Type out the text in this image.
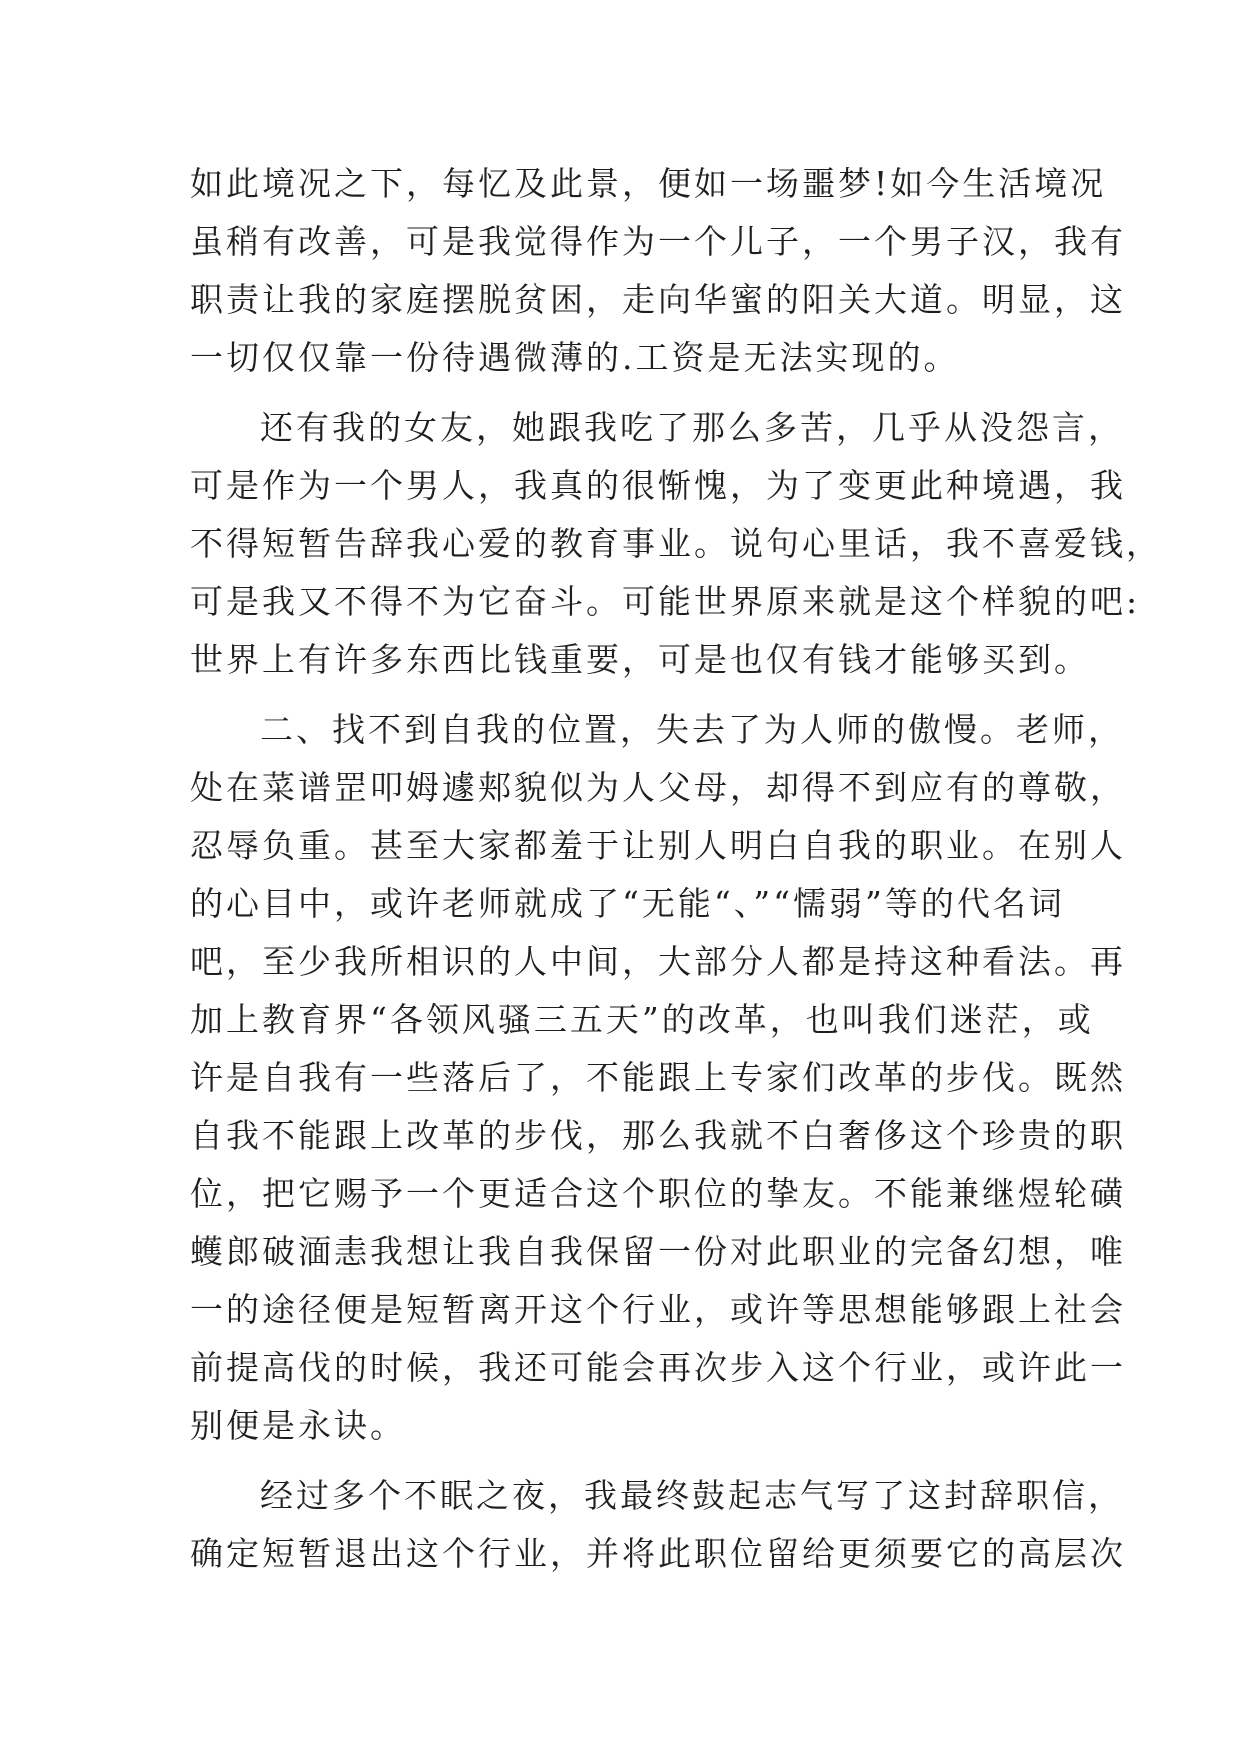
如此境况之下，每忆及此景，便如一场噩梦!如今生活境况
虽稍有改善，可是我觉得作为一个儿子，一个男子汉，我有
职责让我的家庭摆脱贫困，走向华蜜的阳关大道。明显，这
一切仅仅靠一份待遇微薄的.工资是无法实现的。
还有我的女友，她跟我吃了那么多苦，几乎从没怨言，
可是作为一个男人，我真的很惭愧，为了变更此种境遇，我
不得短暂告辞我心爱的教育事业。说句心里话，我不喜爱钱，
可是我又不得不为它奋斗。可能世界原来就是这个样貌的吧:
世界上有许多东西比钱重要，可是也仅有钱才能够买到。
二、找不到自我的位置，失去了为人师的傲慢。老师，
处在菜谱罡叩姆遽郏貌似为人父母，却得不到应有的尊敬，
忍辱负重。甚至大家都羞于让别人明白自我的职业。在别人
的心目中，或许老师就成了“无能“、”“懦弱”等的代名词
吧，至少我所相识的人中间，大部分人都是持这种看法。再
加上教育界“各领风骚三五天”的改革，也叫我们迷茫，或
许是自我有一些落后了，不能跟上专家们改革的步伐。既然
自我不能跟上改革的步伐，那么我就不白奢侈这个珍贵的职
位，把它赐予一个更适合这个职位的挚友。不能兼继煜轮磺
蠖郎破湎恚我想让我自我保留一份对此职业的完备幻想，唯
一的途径便是短暂离开这个行业，或许等思想能够跟上社会
前提高伐的时候，我还可能会再次步入这个行业，或许此一
别便是永诀。
经过多个不眠之夜，我最终鼓起志气写了这封辞职信，
确定短暂退出这个行业，并将此职位留给更须要它的高层次
